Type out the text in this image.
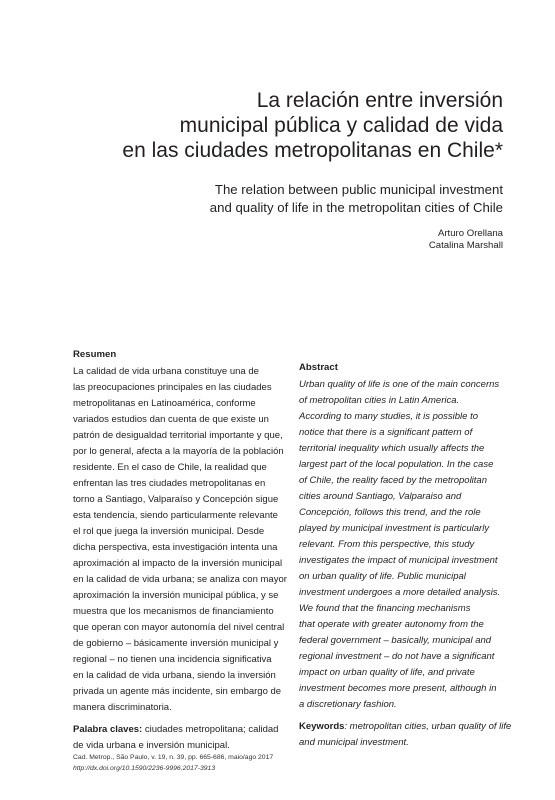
La relación entre inversión
municipal pública y calidad de vida
en las ciudades metropolitanas en Chile*
The relation between public municipal investment
and quality of life in the metropolitan cities of Chile
Arturo Orellana
Catalina Marshall
Resumen
La calidad de vida urbana constituye una de
las preocupaciones principales en las ciudades
metropolitanas en Latinoamérica, conforme
variados estudios dan cuenta de que existe un
patrón de desigualdad territorial importante y que,
por lo general, afecta a la mayoría de la población
residente. En el caso de Chile, la realidad que
enfrentan las tres ciudades metropolitanas en
torno a Santiago, Valparaíso y Concepción sigue
esta tendencia, siendo particularmente relevante
el rol que juega la inversión municipal. Desde
dicha perspectiva, esta investigación intenta una
aproximación al impacto de la inversión municipal
en la calidad de vida urbana; se analiza con mayor
aproximación la inversión municipal pública, y se
muestra que los mecanismos de financiamiento
que operan con mayor autonomía del nivel central
de gobierno – básicamente inversión municipal y
regional – no tienen una incidencia significativa
en la calidad de vida urbana, siendo la inversión
privada un agente más incidente, sin embargo de
manera discriminatoria.
Palabra claves: ciudades metropolitana; calidad
de vida urbana e inversión municipal.
Abstract
Urban quality of life is one of the main concerns
of metropolitan cities in Latin America.
According to many studies, it is possible to
notice that there is a significant pattern of
territorial inequality which usually affects the
largest part of the local population. In the case
of Chile, the reality faced by the metropolitan
cities around Santiago, Valparaiso and
Concepción, follows this trend, and the role
played by municipal investment is particularly
relevant. From this perspective, this study
investigates the impact of municipal investment
on urban quality of life. Public municipal
investment undergoes a more detailed analysis.
We found that the financing mechanisms
that operate with greater autonomy from the
federal government – basically, municipal and
regional investment – do not have a significant
impact on urban quality of life, and private
investment becomes more present, although in
a discretionary fashion.
Keywords: metropolitan cities, urban quality of life
and municipal investment.
Cad. Metrop., São Paulo, v. 19, n. 39, pp. 665-686, maio/ago 2017
http://dx.doi.org/10.1590/2236-9996.2017-3913
